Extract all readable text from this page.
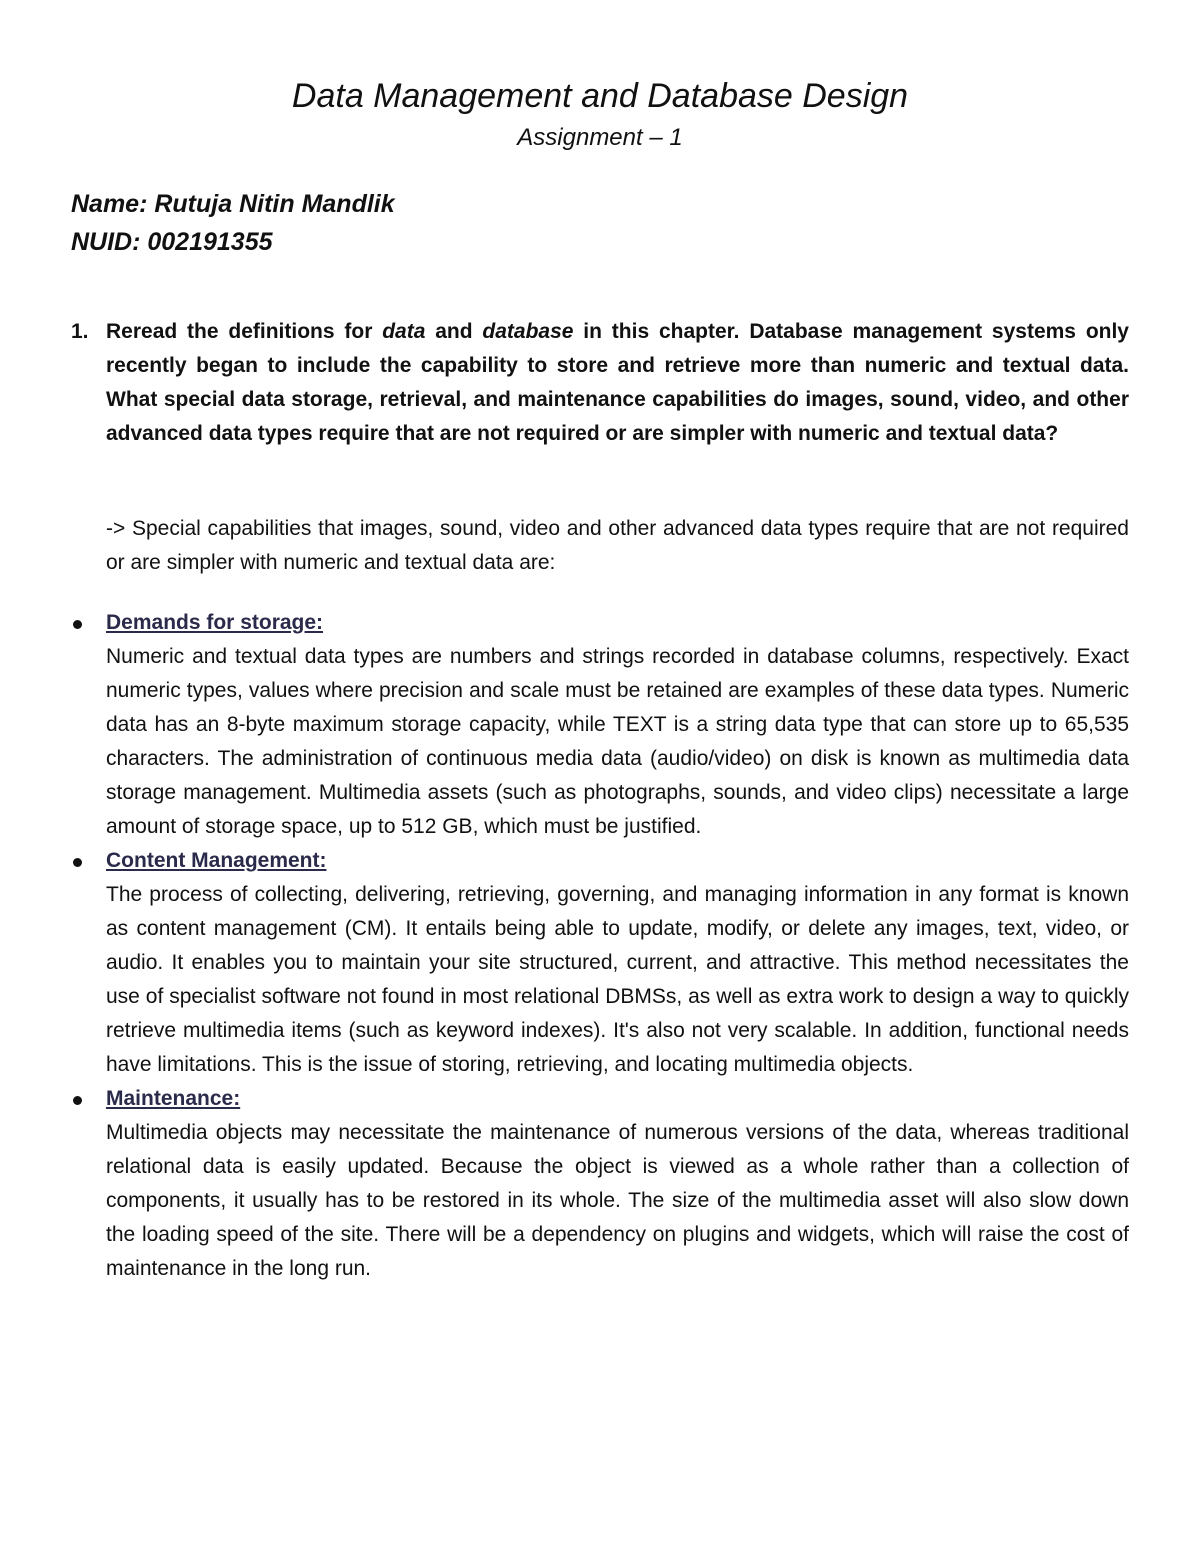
Data Management and Database Design
Assignment – 1
Name: Rutuja Nitin Mandlik
NUID: 002191355
1. Reread the definitions for data and database in this chapter. Database management systems only recently began to include the capability to store and retrieve more than numeric and textual data. What special data storage, retrieval, and maintenance capabilities do images, sound, video, and other advanced data types require that are not required or are simpler with numeric and textual data?
-> Special capabilities that images, sound, video and other advanced data types require that are not required or are simpler with numeric and textual data are:
Demands for storage:
Numeric and textual data types are numbers and strings recorded in database columns, respectively. Exact numeric types, values where precision and scale must be retained are examples of these data types. Numeric data has an 8-byte maximum storage capacity, while TEXT is a string data type that can store up to 65,535 characters. The administration of continuous media data (audio/video) on disk is known as multimedia data storage management. Multimedia assets (such as photographs, sounds, and video clips) necessitate a large amount of storage space, up to 512 GB, which must be justified.
Content Management:
The process of collecting, delivering, retrieving, governing, and managing information in any format is known as content management (CM). It entails being able to update, modify, or delete any images, text, video, or audio. It enables you to maintain your site structured, current, and attractive. This method necessitates the use of specialist software not found in most relational DBMSs, as well as extra work to design a way to quickly retrieve multimedia items (such as keyword indexes). It's also not very scalable. In addition, functional needs have limitations. This is the issue of storing, retrieving, and locating multimedia objects.
Maintenance:
Multimedia objects may necessitate the maintenance of numerous versions of the data, whereas traditional relational data is easily updated. Because the object is viewed as a whole rather than a collection of components, it usually has to be restored in its whole. The size of the multimedia asset will also slow down the loading speed of the site. There will be a dependency on plugins and widgets, which will raise the cost of maintenance in the long run.
